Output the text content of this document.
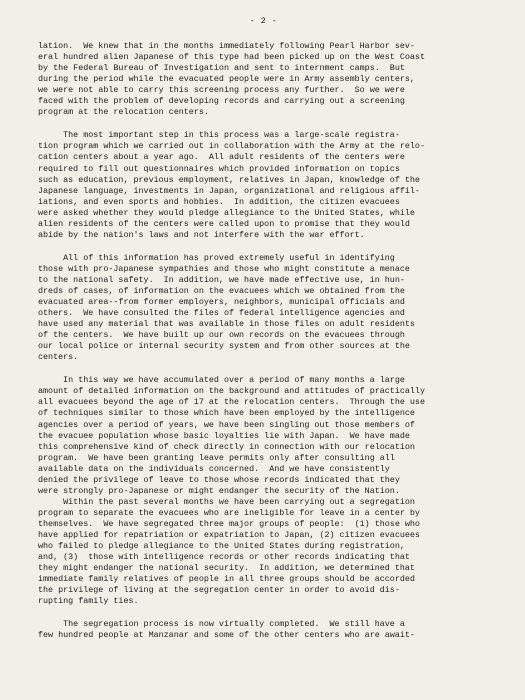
- 2 -
lation.  We knew that in the months immediately following Pearl Harbor sev-
eral hundred alien Japanese of this type had been picked up on the West Coast
by the Federal Bureau of Investigation and sent to internment camps.  But
during the period while the evacuated people were in Army assembly centers,
we were not able to carry this screening process any further.  So we were
faced with the problem of developing records and carrying out a screening
program at the relocation centers.
The most important step in this process was a large-scale registra-
tion program which we carried out in collaboration with the Army at the relo-
cation centers about a year ago.  All adult residents of the centers were
required to fill out questionnaires which provided information on topics
such as education, previous employment, relatives in Japan, knowledge of the
Japanese language, investments in Japan, organizational and religious affil-
iations, and even sports and hobbies.  In addition, the citizen evacuees
were asked whether they would pledge allegiance to the United States, while
alien residents of the centers were called upon to promise that they would
abide by the nation's laws and not interfere with the war effort.
All of this information has proved extremely useful in identifying
those with pro-Japanese sympathies and those who might constitute a menace
to the national safety.  In addition, we have made effective use, in hun-
dreds of cases, of information on the evacuees which we obtained from the
evacuated area--from former employers, neighbors, municipal officials and
others.  We have consulted the files of federal intelligence agencies and
have used any material that was available in those files on adult residents
of the centers.  We have built up our own records on the evacuees through
our local police or internal security system and from other sources at the
centers.
In this way we have accumulated over a period of many months a large
amount of detailed information on the background and attitudes of practically
all evacuees beyond the age of 17 at the relocation centers.  Through the use
of techniques similar to those which have been employed by the intelligence
agencies over a period of years, we have been singling out those members of
the evacuee population whose basic loyalties lie with Japan.  We have made
this comprehensive kind of check directly in connection with our relocation
program.  We have been granting leave permits only after consulting all
available data on the individuals concerned.  And we have consistently
denied the privilege of leave to those whose records indicated that they
were strongly pro-Japanese or might endanger the security of the Nation.
Within the past several months we have been carrying out a segregation
program to separate the evacuees who are ineligible for leave in a center by
themselves.  We have segregated three major groups of people:  (1) those who
have applied for repatriation or expatriation to Japan, (2) citizen evacuees
who failed to pledge allegiance to the United States during registration,
and, (3)  those with intelligence records or other records indicating that
they might endanger the national security.  In addition, we determined that
immediate family relatives of people in all three groups should be accorded
the privilege of living at the segregation center in order to avoid dis-
rupting family ties.
The segregation process is now virtually completed.  We still have a
few hundred people at Manzanar and some of the other centers who are await-
